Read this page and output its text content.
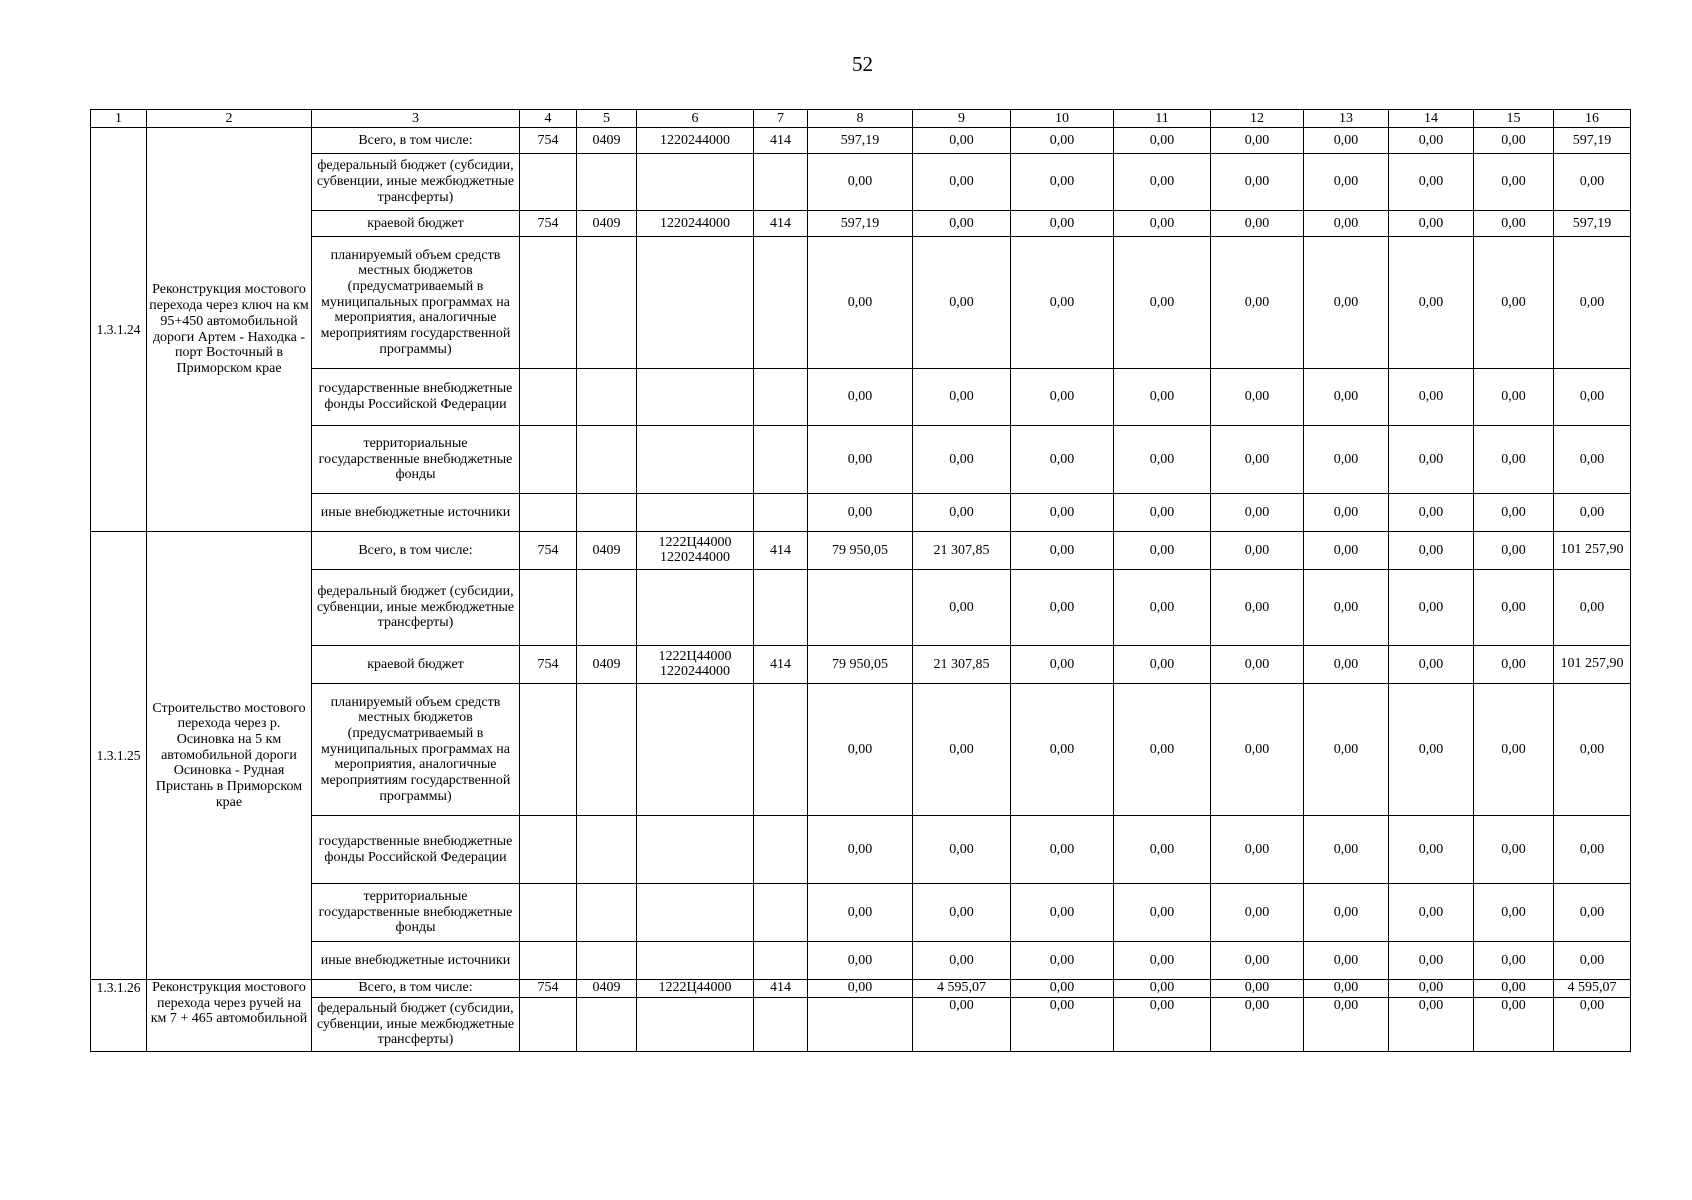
52
1	2	3	4	5	6	7	8	9	10	11	12	13	14	15	16
1.3.1.24	Реконструкция мостового перехода через ключ на км 95+450 автомобильной дороги Артем - Находка - порт Восточный в Приморском крае	Всего, в том числе:	754	0409	1220244000	414	597,19	0,00	0,00	0,00	0,00	0,00	0,00	0,00	597,19
		федеральный бюджет (субсидии, субвенции, иные межбюджетные трансферты)					0,00	0,00	0,00	0,00	0,00	0,00	0,00	0,00	0,00
		краевой бюджет	754	0409	1220244000	414	597,19	0,00	0,00	0,00	0,00	0,00	0,00	0,00	597,19
		планируемый объем средств местных бюджетов (предусматриваемый в муниципальных программах на мероприятия, аналогичные мероприятиям государственной программы)					0,00	0,00	0,00	0,00	0,00	0,00	0,00	0,00	0,00
		государственные внебюджетные фонды Российской Федерации					0,00	0,00	0,00	0,00	0,00	0,00	0,00	0,00	0,00
		территориальные государственные внебюджетные фонды					0,00	0,00	0,00	0,00	0,00	0,00	0,00	0,00	0,00
		иные внебюджетные источники					0,00	0,00	0,00	0,00	0,00	0,00	0,00	0,00	0,00
1.3.1.25	Строительство мостового перехода через р. Осиновка на 5 км автомобильной дороги Осиновка - Рудная Пристань в Приморском крае	Всего, в том числе:	754	0409	1222Ц44000 1220244000	414	79 950,05	21 307,85	0,00	0,00	0,00	0,00	0,00	0,00	101 257,90
		федеральный бюджет (субсидии, субвенции, иные межбюджетные трансферты)						0,00	0,00	0,00	0,00	0,00	0,00	0,00	0,00
		краевой бюджет	754	0409	1222Ц44000 1220244000	414	79 950,05	21 307,85	0,00	0,00	0,00	0,00	0,00	0,00	101 257,90
		планируемый объем средств местных бюджетов (предусматриваемый в муниципальных программах на мероприятия, аналогичные мероприятиям государственной программы)					0,00	0,00	0,00	0,00	0,00	0,00	0,00	0,00	0,00
		государственные внебюджетные фонды Российской Федерации					0,00	0,00	0,00	0,00	0,00	0,00	0,00	0,00	0,00
		территориальные государственные внебюджетные фонды					0,00	0,00	0,00	0,00	0,00	0,00	0,00	0,00	0,00
		иные внебюджетные источники					0,00	0,00	0,00	0,00	0,00	0,00	0,00	0,00	0,00
1.3.1.26	Реконструкция мостового перехода через ручей на км 7 + 465 автомобильной	Всего, в том числе:	754	0409	1222Ц44000	414	0,00	4 595,07	0,00	0,00	0,00	0,00	0,00	0,00	4 595,07
		федеральный бюджет (субсидии, субвенции, иные межбюджетные трансферты)						0,00	0,00	0,00	0,00	0,00	0,00	0,00	0,00
